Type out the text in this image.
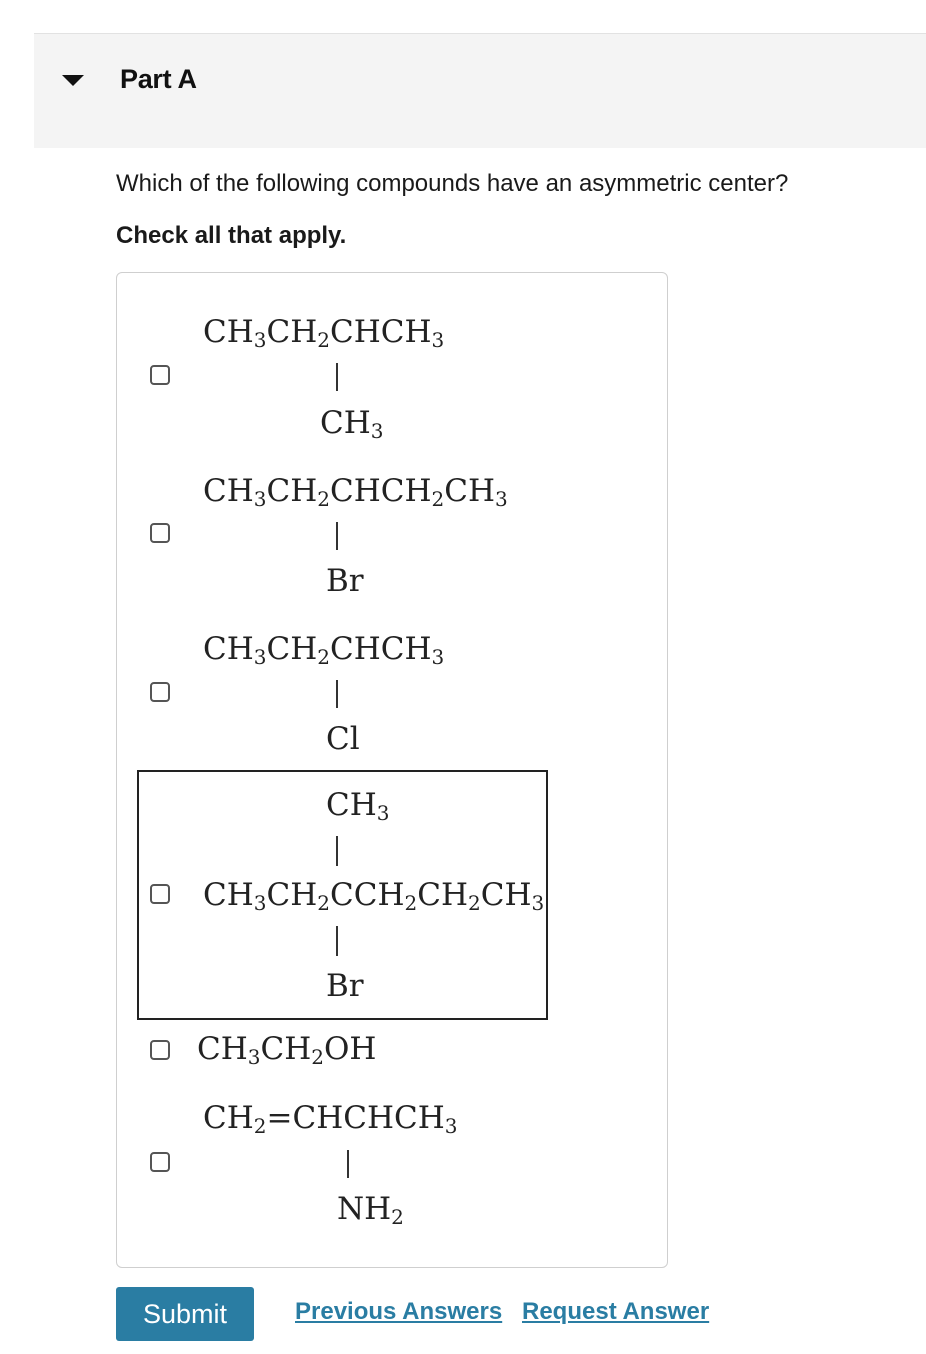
Part A
Which of the following compounds have an asymmetric center?
Check all that apply.
$CH_3CH_2CHCH_3$
$CH_3$
$CH_3CH_2CHCH_2CH_3$
Br
$CH_3CH_2CHCH_3$
Cl
$CH_3$
$CH_3CH_2CCH_2CH_2CH_3$
Br
$CH_3CH_2OH$
$CH_2=CHCHCH_3$
$NH_2$
Submit	Previous Answers Request Answer
